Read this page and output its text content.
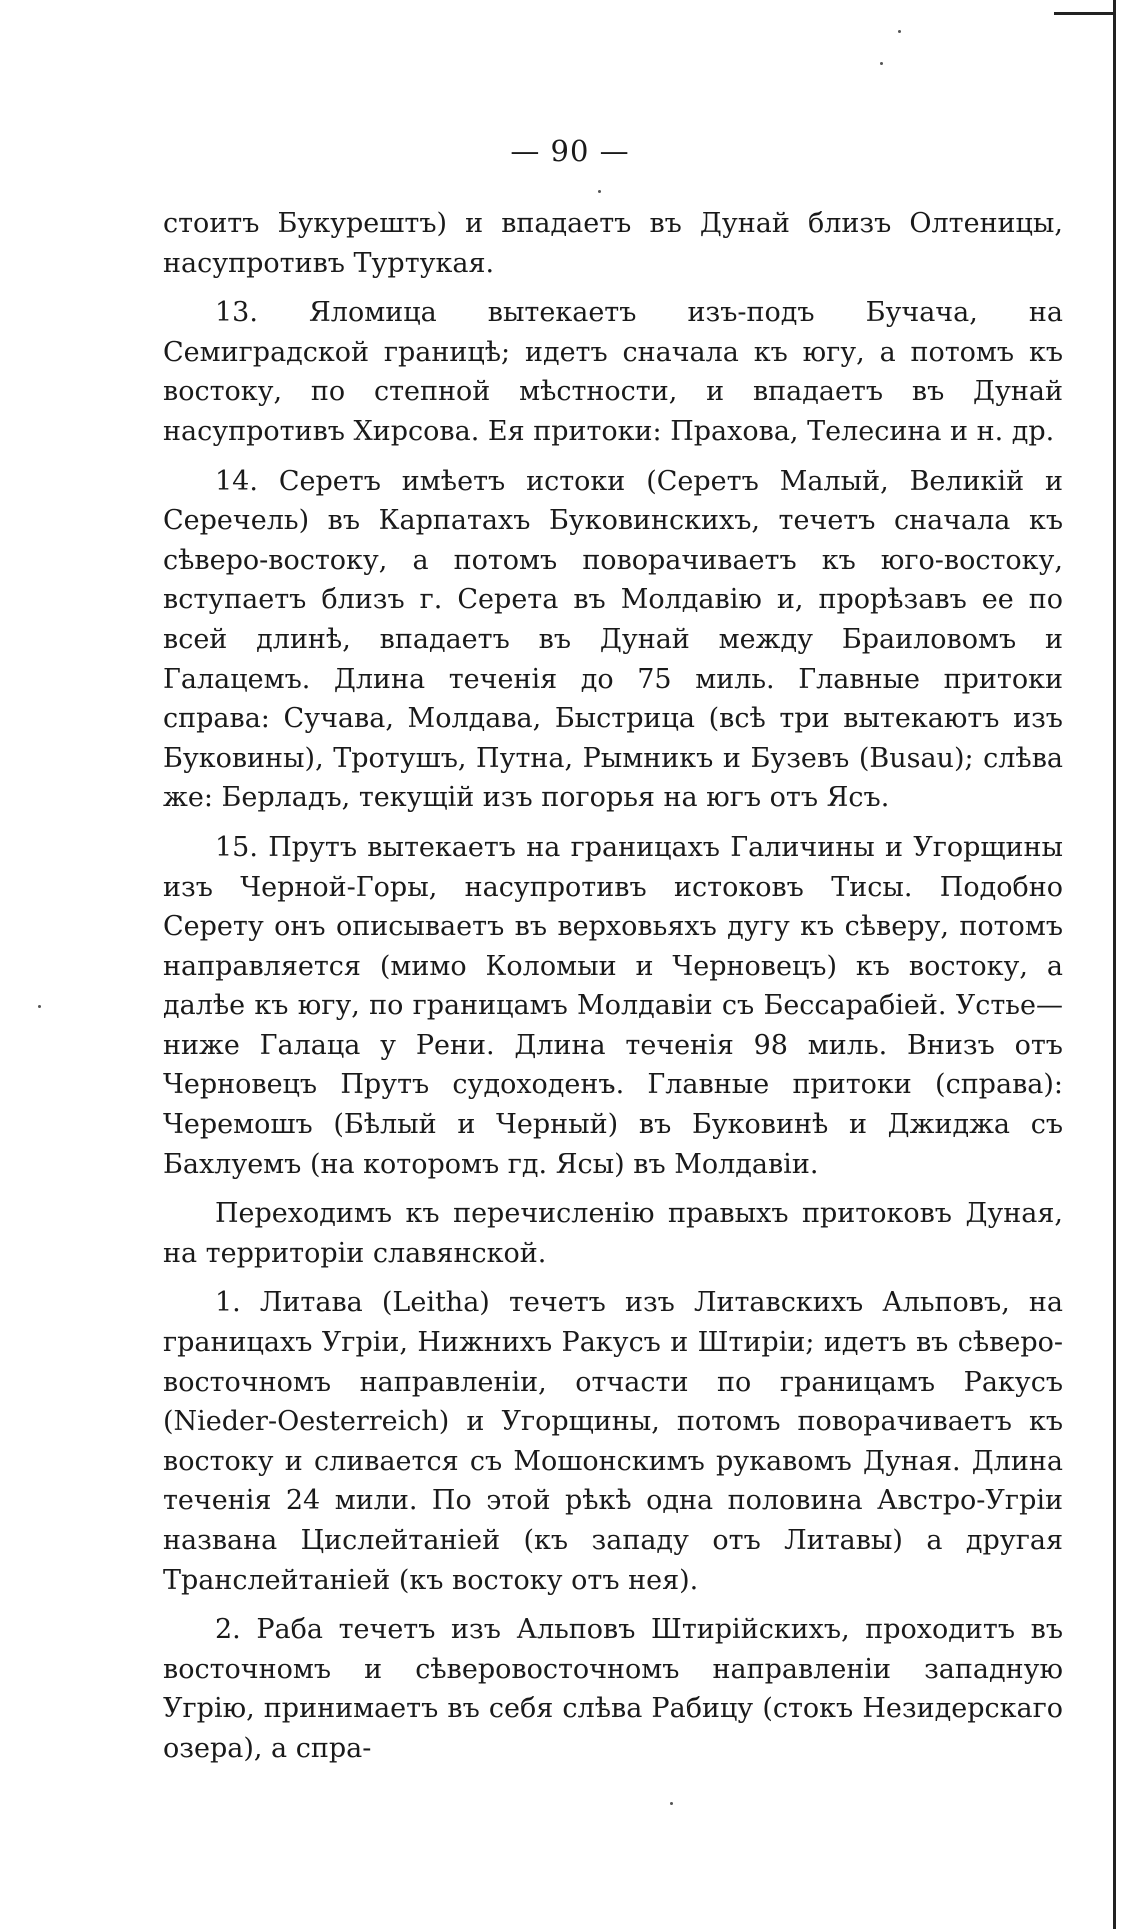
— 90 —

стоитъ Букурештъ) и впадаетъ въ Дунай близъ Олтеницы, насупротивъ Туртукая.

13. Яломица вытекаетъ изъ-подъ Бучача, на Семиградской границѣ; идетъ сначала къ югу, а потомъ къ востоку, по степной мѣстности, и впадаетъ въ Дунай насупротивъ Хирсова. Ея притоки: Прахова, Телесина и н. др.

14. Серетъ имѣетъ истоки (Серетъ Малый, Великій и Серечель) въ Карпатахъ Буковинскихъ, течетъ сначала къ сѣверо-востоку, а потомъ поворачиваетъ къ юго-востоку, вступаетъ близъ г. Серета въ Молдавію и, прорѣзавъ ее по всей длинѣ, впадаетъ въ Дунай между Браиловомъ и Галацемъ. Длина теченія до 75 миль. Главные притоки справа: Сучава, Молдава, Быстрица (всѣ три вытекаютъ изъ Буковины), Тротушъ, Путна, Рымникъ и Бузевъ (Busau); слѣва же: Берладъ, текущій изъ погорья на югъ отъ Ясъ.

15. Прутъ вытекаетъ на границахъ Галичины и Угорщины изъ Черной-Горы, насупротивъ истоковъ Тисы. Подобно Серету онъ описываетъ въ верховьяхъ дугу къ сѣверу, потомъ направляется (мимо Коломыи и Черновецъ) къ востоку, а далѣе къ югу, по границамъ Молдавіи съ Бессарабіей. Устье—ниже Галаца у Рени. Длина теченія 98 миль. Внизъ отъ Черновецъ Прутъ судоходенъ. Главные притоки (справа): Черемошъ (Бѣлый и Черный) въ Буковинѣ и Джиджа съ Бахлуемъ (на которомъ гд. Ясы) въ Молдавіи.

Переходимъ къ перечисленію правыхъ притоковъ Дуная, на территоріи славянской.

1. Литава (Leitha) течетъ изъ Литавскихъ Альповъ, на границахъ Угріи, Нижнихъ Ракусъ и Штиріи; идетъ въ сѣверо-восточномъ направленіи, отчасти по границамъ Ракусъ (Nieder-Oesterreich) и Угорщины, потомъ поворачиваетъ къ востоку и сливается съ Мошонскимъ рукавомъ Дуная. Длина теченія 24 мили. По этой рѣкѣ одна половина Австро-Угріи названа Цислейтаніей (къ западу отъ Литавы) а другая Транслейтаніей (къ востоку отъ нея).

2. Раба течетъ изъ Альповъ Штирійскихъ, проходитъ въ восточномъ и сѣверовосточномъ направленіи западную Угрію, принимаетъ въ себя слѣва Рабицу (стокъ Незидерскаго озера), а спра-
